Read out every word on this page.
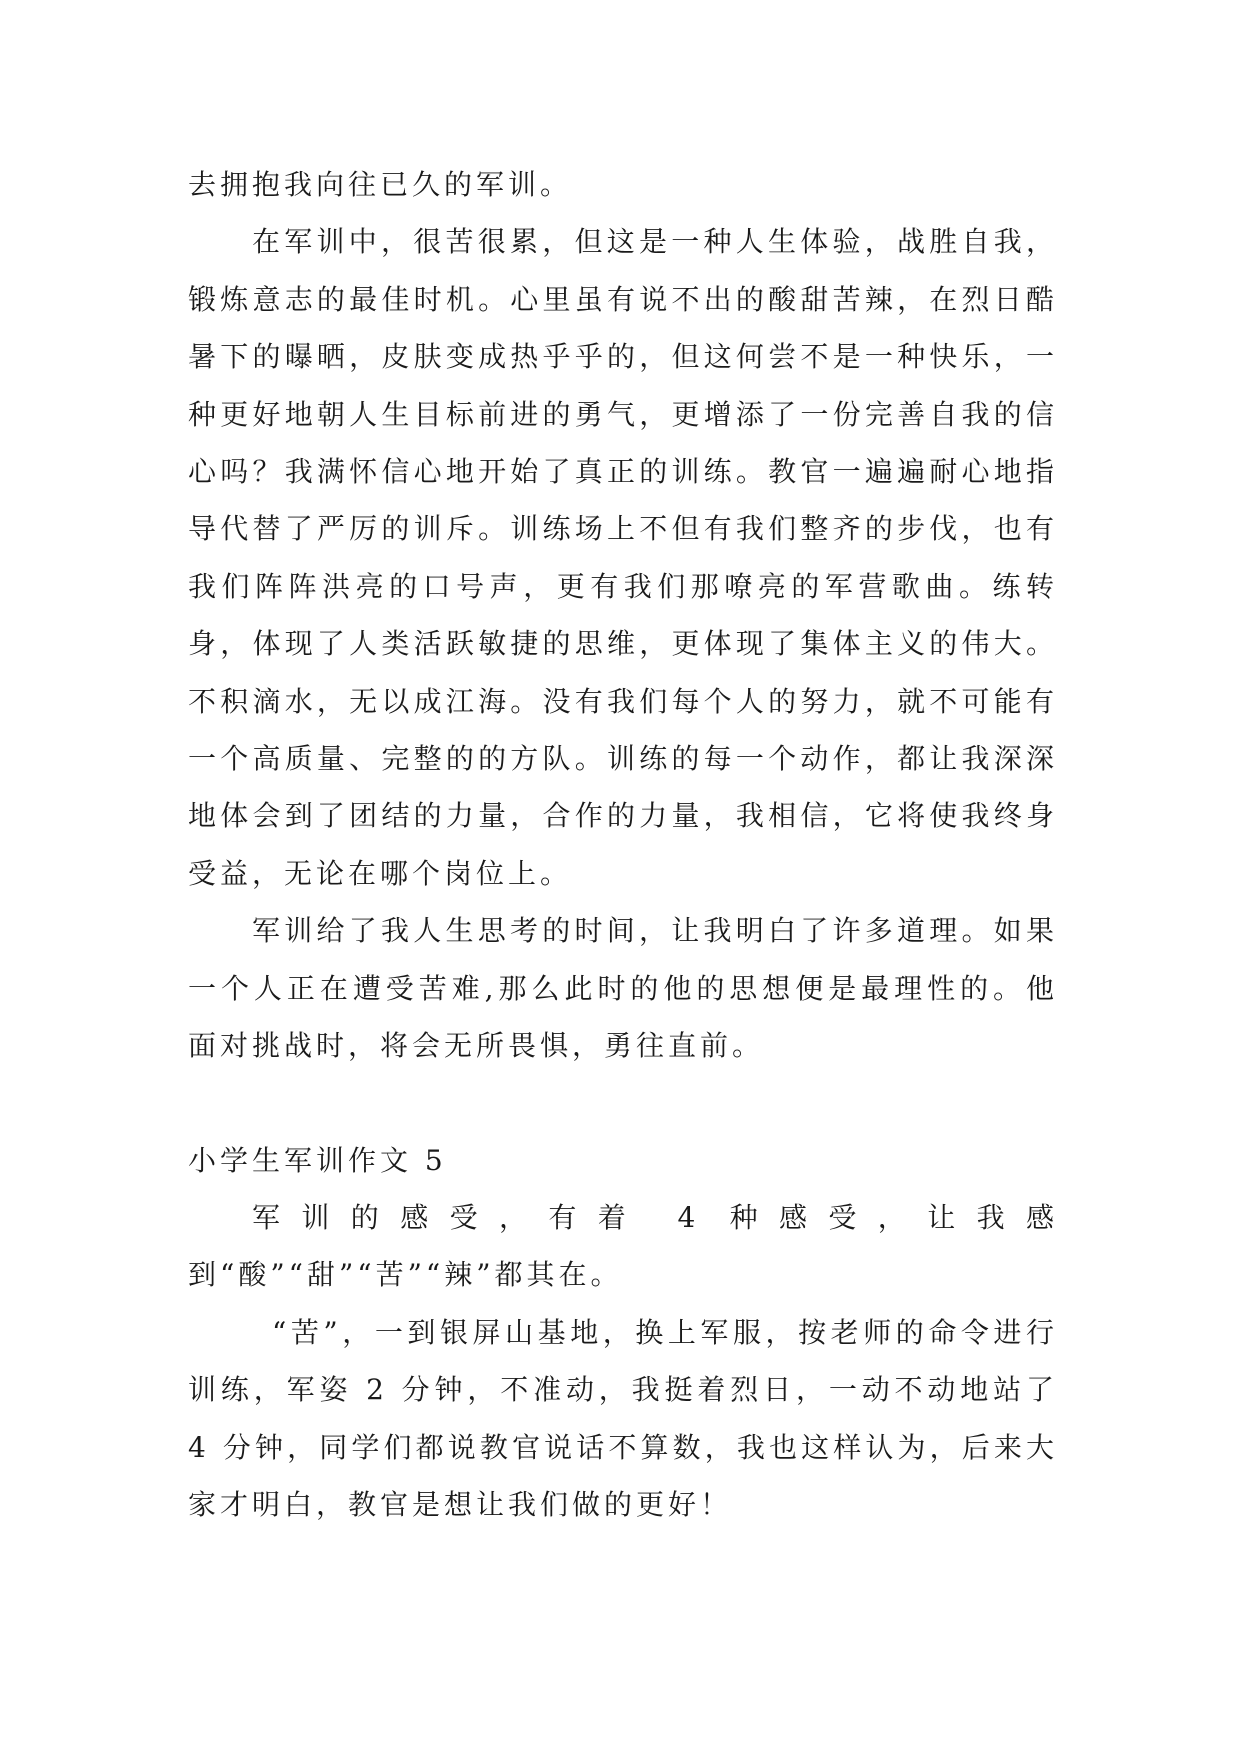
去拥抱我向往已久的军训。

在军训中，很苦很累，但这是一种人生体验，战胜自我，锻炼意志的最佳时机。心里虽有说不出的酸甜苦辣，在烈日酷暑下的曝晒，皮肤变成热乎乎的，但这何尝不是一种快乐，一种更好地朝人生目标前进的勇气，更增添了一份完善自我的信心吗？我满怀信心地开始了真正的训练。教官一遍遍耐心地指导代替了严厉的训斥。训练场上不但有我们整齐的步伐，也有我们阵阵洪亮的口号声，更有我们那嘹亮的军营歌曲。练转身，体现了人类活跃敏捷的思维，更体现了集体主义的伟大。不积滴水，无以成江海。没有我们每个人的努力，就不可能有一个高质量、完整的的方队。训练的每一个动作，都让我深深地体会到了团结的力量，合作的力量，我相信，它将使我终身受益，无论在哪个岗位上。

军训给了我人生思考的时间，让我明白了许多道理。如果一个人正在遭受苦难,那么此时的他的思想便是最理性的。他面对挑战时，将会无所畏惧，勇往直前。

小学生军训作文 5

军训的感受，有着 4 种感受，让我感到“酸”“甜”“苦”“辣”都其在。

“苦”，一到银屏山基地，换上军服，按老师的命令进行训练，军姿 2 分钟，不准动，我挺着烈日，一动不动地站了 4 分钟，同学们都说教官说话不算数，我也这样认为，后来大家才明白，教官是想让我们做的更好！
